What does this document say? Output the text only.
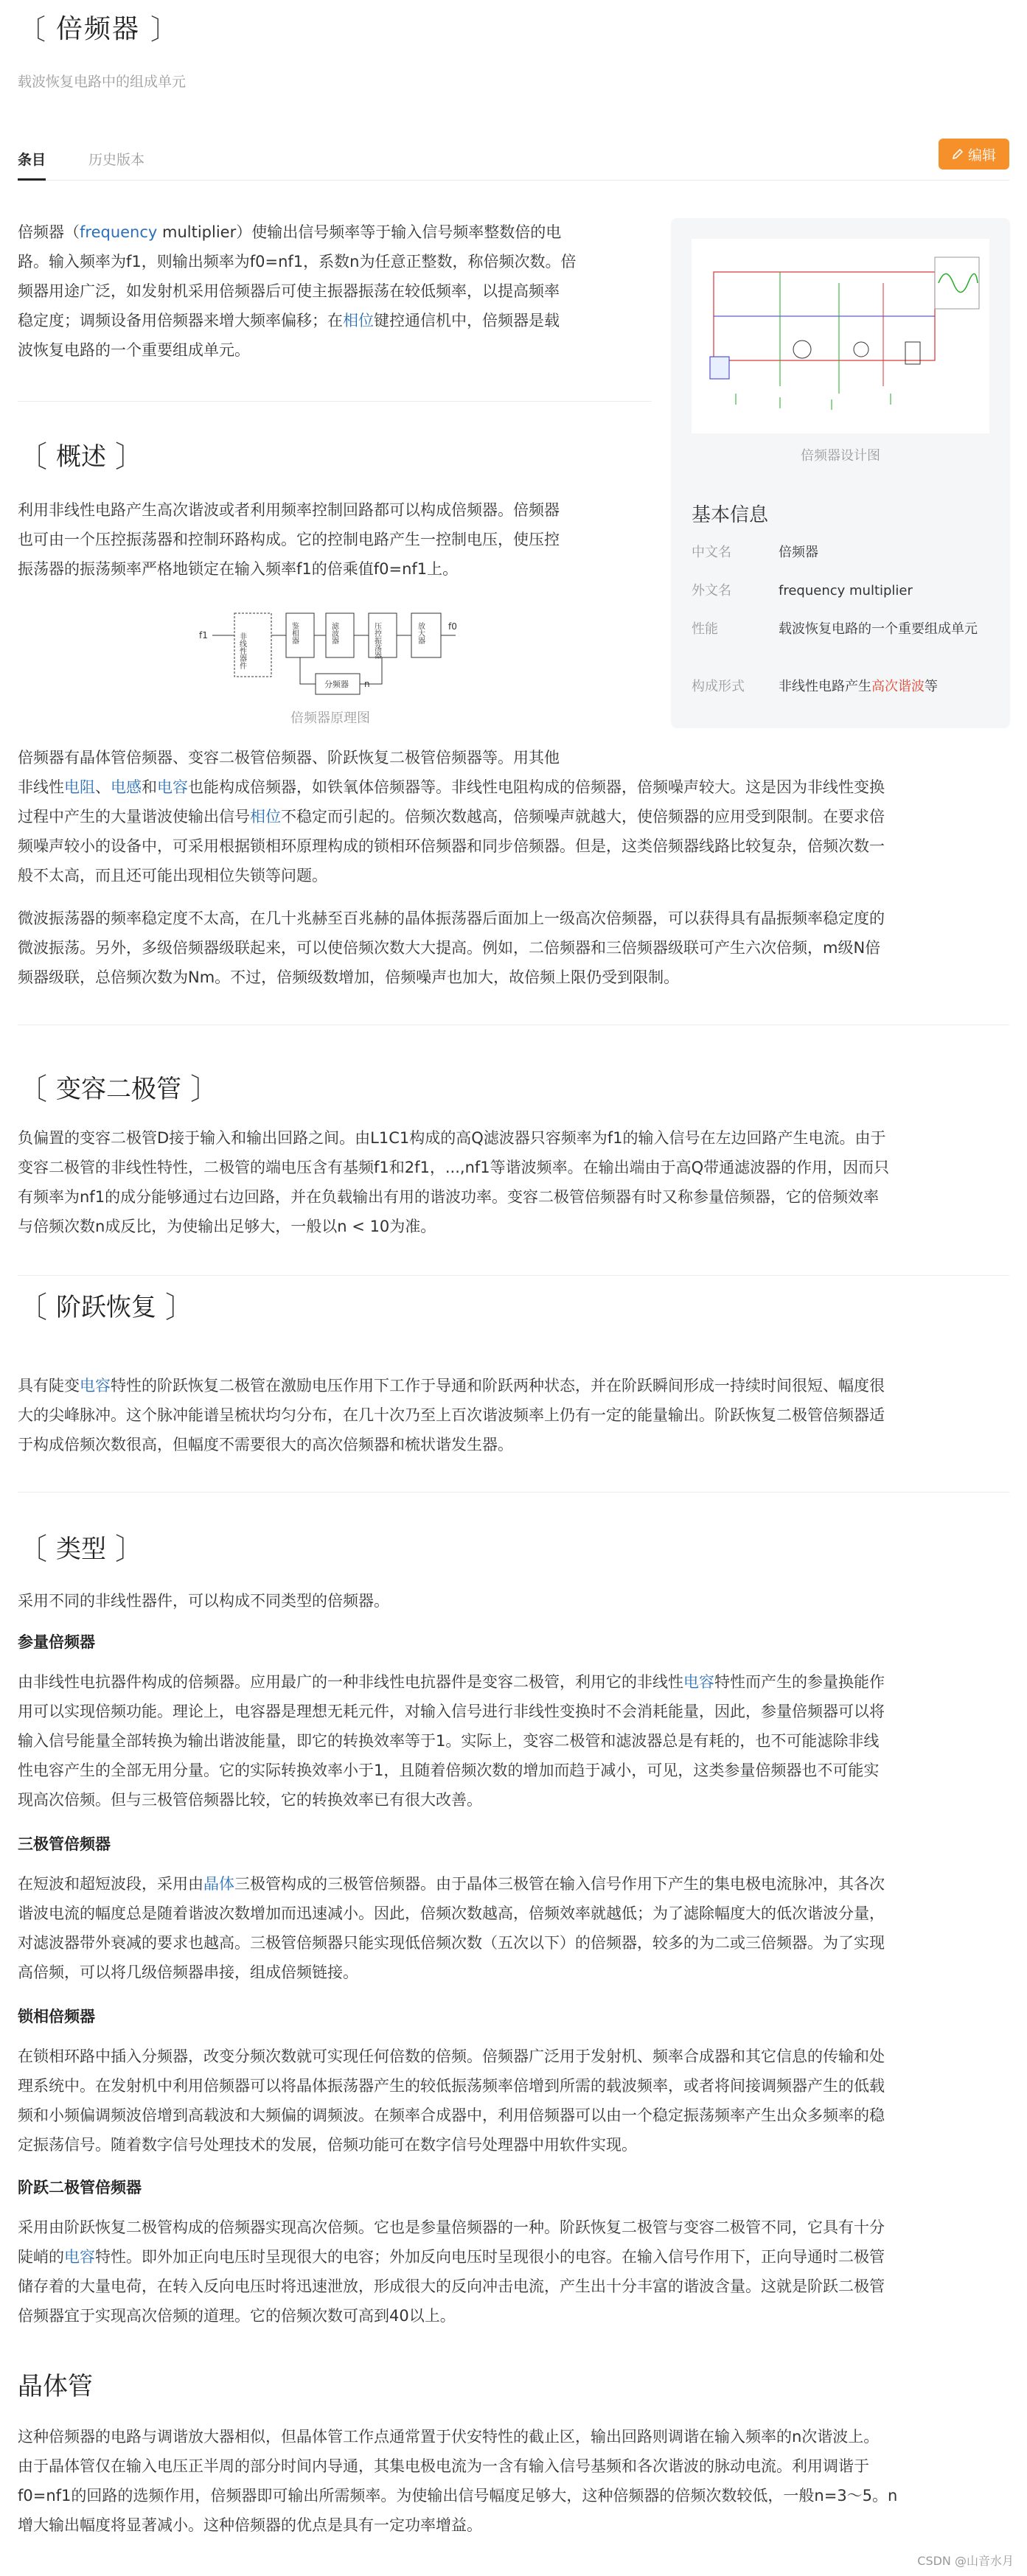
〔 倍频器 〕
载波恢复电路中的组成单元
条目	历史版本	编辑
倍频器（frequency multiplier）使输出信号频率等于输入信号频率整数倍的电
路。输入频率为f1，则输出频率为f0=nf1，系数n为任意正整数，称倍频次数。倍
频器用途广泛，如发射机采用倍频器后可使主振器振荡在较低频率，以提高频率
稳定度；调频设备用倍频器来增大频率偏移；在相位键控通信机中，倍频器是载
波恢复电路的一个重要组成单元。
倍频器设计图
基本信息
中文名	倍频器
外文名	frequency multiplier
性能	载波恢复电路的一个重要组成单元
构成形式	非线性电路产生高次谐波等
〔 概述 〕
利用非线性电路产生高次谐波或者利用频率控制回路都可以构成倍频器。倍频器
也可由一个压控振荡器和控制环路构成。它的控制电路产生一控制电压，使压控
振荡器的振荡频率严格地锁定在输入频率f1的倍乘值f0=nf1上。
f1	非线性器件	鉴相器	滤波器	压控振荡器	放大器	f0
分频器 n
倍频器原理图
倍频器有晶体管倍频器、变容二极管倍频器、阶跃恢复二极管倍频器等。用其他
非线性电阻、电感和电容也能构成倍频器，如铁氧体倍频器等。非线性电阻构成的倍频器，倍频噪声较大。这是因为非线性变换
过程中产生的大量谐波使输出信号相位不稳定而引起的。倍频次数越高，倍频噪声就越大，使倍频器的应用受到限制。在要求倍
频噪声较小的设备中，可采用根据锁相环原理构成的锁相环倍频器和同步倍频器。但是，这类倍频器线路比较复杂，倍频次数一
般不太高，而且还可能出现相位失锁等问题。
微波振荡器的频率稳定度不太高，在几十兆赫至百兆赫的晶体振荡器后面加上一级高次倍频器，可以获得具有晶振频率稳定度的
微波振荡。另外，多级倍频器级联起来，可以使倍频次数大大提高。例如，二倍频器和三倍频器级联可产生六次倍频，m级N倍
频器级联，总倍频次数为Nm。不过，倍频级数增加，倍频噪声也加大，故倍频上限仍受到限制。
〔 变容二极管 〕
负偏置的变容二极管D接于输入和输出回路之间。由L1C1构成的高Q滤波器只容频率为f1的输入信号在左边回路产生电流。由于
变容二极管的非线性特性，二极管的端电压含有基频f1和2f1，...,nf1等谐波频率。在输出端由于高Q带通滤波器的作用，因而只
有频率为nf1的成分能够通过右边回路，并在负载输出有用的谐波功率。变容二极管倍频器有时又称参量倍频器，它的倍频效率
与倍频次数n成反比，为使输出足够大，一般以n < 10为准。
〔 阶跃恢复 〕
具有陡变电容特性的阶跃恢复二极管在激励电压作用下工作于导通和阶跃两种状态，并在阶跃瞬间形成一持续时间很短、幅度很
大的尖峰脉冲。这个脉冲能谱呈梳状均匀分布，在几十次乃至上百次谐波频率上仍有一定的能量输出。阶跃恢复二极管倍频器适
于构成倍频次数很高，但幅度不需要很大的高次倍频器和梳状谐发生器。
〔 类型 〕
采用不同的非线性器件，可以构成不同类型的倍频器。
参量倍频器
由非线性电抗器件构成的倍频器。应用最广的一种非线性电抗器件是变容二极管，利用它的非线性电容特性而产生的参量换能作
用可以实现倍频功能。理论上，电容器是理想无耗元件，对输入信号进行非线性变换时不会消耗能量，因此，参量倍频器可以将
输入信号能量全部转换为输出谐波能量，即它的转换效率等于1。实际上，变容二极管和滤波器总是有耗的，也不可能滤除非线
性电容产生的全部无用分量。它的实际转换效率小于1，且随着倍频次数的增加而趋于减小，可见，这类参量倍频器也不可能实
现高次倍频。但与三极管倍频器比较，它的转换效率已有很大改善。
三极管倍频器
在短波和超短波段，采用由晶体三极管构成的三极管倍频器。由于晶体三极管在输入信号作用下产生的集电极电流脉冲，其各次
谐波电流的幅度总是随着谐波次数增加而迅速减小。因此，倍频次数越高，倍频效率就越低；为了滤除幅度大的低次谐波分量，
对滤波器带外衰减的要求也越高。三极管倍频器只能实现低倍频次数（五次以下）的倍频器，较多的为二或三倍频器。为了实现
高倍频，可以将几级倍频器串接，组成倍频链接。
锁相倍频器
在锁相环路中插入分频器，改变分频次数就可实现任何倍数的倍频。倍频器广泛用于发射机、频率合成器和其它信息的传输和处
理系统中。在发射机中利用倍频器可以将晶体振荡器产生的较低振荡频率倍增到所需的载波频率，或者将间接调频器产生的低载
频和小频偏调频波倍增到高载波和大频偏的调频波。在频率合成器中，利用倍频器可以由一个稳定振荡频率产生出众多频率的稳
定振荡信号。随着数字信号处理技术的发展，倍频功能可在数字信号处理器中用软件实现。
阶跃二极管倍频器
采用由阶跃恢复二极管构成的倍频器实现高次倍频。它也是参量倍频器的一种。阶跃恢复二极管与变容二极管不同，它具有十分
陡峭的电容特性。即外加正向电压时呈现很大的电容；外加反向电压时呈现很小的电容。在输入信号作用下，正向导通时二极管
储存着的大量电荷，在转入反向电压时将迅速泄放，形成很大的反向冲击电流，产生出十分丰富的谐波含量。这就是阶跃二极管
倍频器宜于实现高次倍频的道理。它的倍频次数可高到40以上。
晶体管
这种倍频器的电路与调谐放大器相似，但晶体管工作点通常置于伏安特性的截止区，输出回路则调谐在输入频率的n次谐波上。
由于晶体管仅在输入电压正半周的部分时间内导通，其集电极电流为一含有输入信号基频和各次谐波的脉动电流。利用调谐于
f0=nf1的回路的选频作用，倍频器即可输出所需频率。为使输出信号幅度足够大，这种倍频器的倍频次数较低，一般n=3～5。n
增大输出幅度将显著减小。这种倍频器的优点是具有一定功率增益。
CSDN @山音水月
